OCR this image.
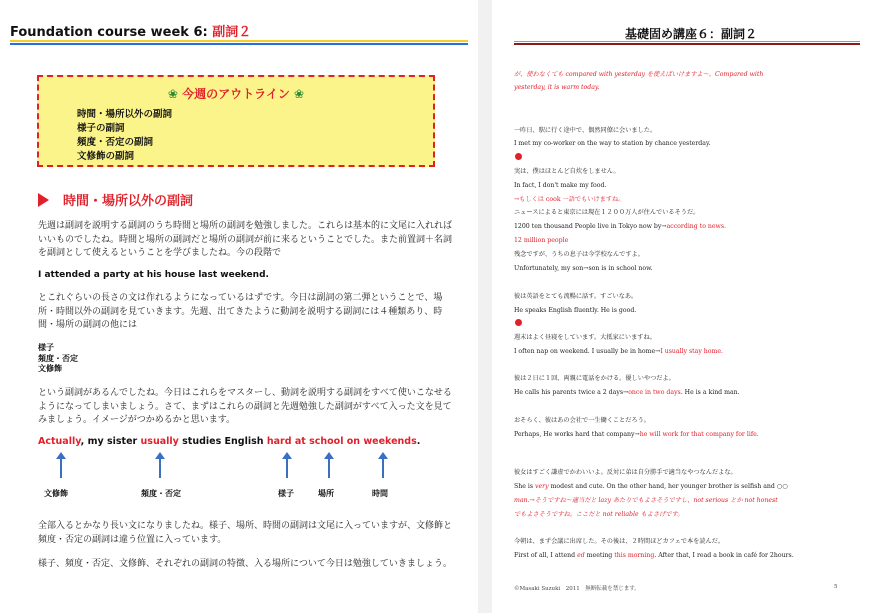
Foundation course week 6: 副詞２
❀ 今週のアウトライン ❀
時間・場所以外の副詞
様子の副詞
頻度・否定の副詞
文修飾の副詞
時間・場所以外の副詞
先週は副詞を説明する副詞のうち時間と場所の副詞を勉強しました。これらは基本的に文尾に入れればいいものでしたね。時間と場所の副詞だと場所の副詞が前に来るということでした。また前置詞＋名詞を副詞として使えるということを学びましたね。今の段階で
I attended a party at his house last weekend.
とこれぐらいの長さの文は作れるようになっているはずです。今日は副詞の第二弾ということで、場所・時間以外の副詞を見ていきます。先週、出てきたように動詞を説明する副詞には４種類あり、時間・場所の副詞の他には
様子
頻度・否定
文修飾
という副詞があるんでしたね。今日はこれらをマスターし、動詞を説明する副詞をすべて使いこなせるようになってしまいましょう。さて、まずはこれらの副詞と先週勉強した副詞がすべて入った文を見てみましょう。イメージがつかめるかと思います。
Actually, my sister usually studies English hard at school on weekends.
文修飾	頻度・否定	様子	場所	時間
全部入るとかなり長い文になりましたね。様子、場所、時間の副詞は文尾に入っていますが、文修飾と頻度・否定の副詞は違う位置に入っています。
様子、頻度・否定、文修飾、それぞれの副詞の特徴、入る場所について今日は勉強していきましょう。
基礎固め講座６：副詞２
が、使わなくても compared with yesterday を使えばいけますよ〜。Compared with
yesterday, it is warm today.
一昨日、駅に行く途中で、偶然同僚に会いました。
I met my co-worker on the way to station by chance yesterday.
実は、僕はほとんど自炊をしません。
In fact, I don't make my food.
→もしくは cook 一語でもいけますね。
ニュースによると東京には現在１２００万人が住んでいるそうだ。
1200 ten thousand People live in Tokyo now by→according to news.
12 million people
残念ですが、うちの息子は今学校なんですよ。
Unfortunately, my son→son is in school now.
彼は英語をとても流暢に話す。すごいなあ。
He speaks English fluently. He is good.
週末はよく昼寝をしています。大抵家にいますね。
I often nap on weekend. I usually be in home→I usually stay home.
彼は２日に１回、両親に電話をかける。優しいやつだよ。
He calls his parents twice a 2 days→once in two days. He is a kind man.
おそらく、彼はあの会社で一生働くことだろう。
Perhaps, He works hard that company→he will work for that company for life.
彼女はすごく謙虚でかわいいよ。反対に弟は自分勝手で適当なやつなんだよな。
She is very modest and cute. On the other hand, her younger brother is selfish and ○○
man.→そうですね〜適当だと lazy あたりでもよさそうですし、not serious とか not honest
でもよさそうですね。ここだと not reliable もよさげです。
今朝は、まず会議に出席した。その後は、２時間ほどカフェで本を読んだ。
First of all, I attend ed meeting this morning. After that, I read a book in café for 2hours.
©Masaki Suzuki　2011　無断転載を禁じます。	5
